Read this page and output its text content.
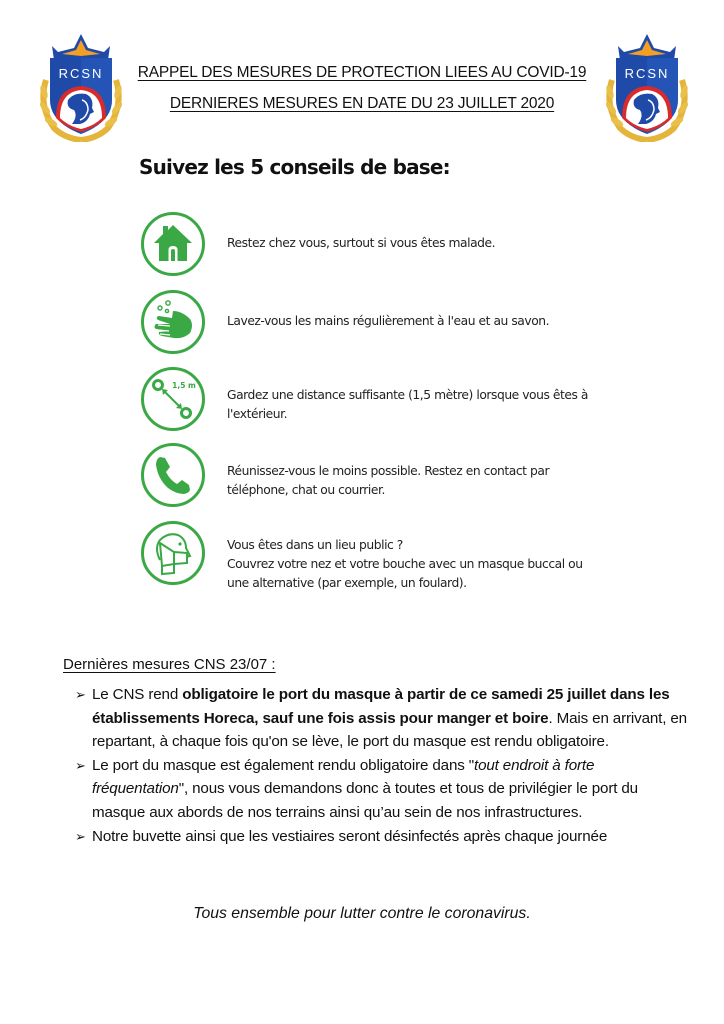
RCSN	RCSN
RAPPEL DES MESURES DE PROTECTION LIEES AU COVID-19
DERNIERES MESURES EN DATE DU 23 JUILLET 2020
Suivez les 5 conseils de base:
Restez chez vous, surtout si vous êtes malade.
Lavez-vous les mains régulièrement à l'eau et au savon.
1,5 m
Gardez une distance suffisante (1,5 mètre) lorsque vous êtes à
l'extérieur.
Réunissez-vous le moins possible. Restez en contact par
téléphone, chat ou courrier.
Vous êtes dans un lieu public ?
Couvrez votre nez et votre bouche avec un masque buccal ou
une alternative (par exemple, un foulard).
Dernières mesures CNS 23/07 :
➢ Le CNS rend obligatoire le port du masque à partir de ce samedi 25 juillet dans les établissements Horeca, sauf une fois assis pour manger et boire. Mais en arrivant, en repartant, à chaque fois qu'on se lève, le port du masque est rendu obligatoire.
➢ Le port du masque est également rendu obligatoire dans "tout endroit à forte fréquentation", nous vous demandons donc à toutes et tous de privilégier le port du masque aux abords de nos terrains ainsi qu’au sein de nos infrastructures.
➢ Notre buvette ainsi que les vestiaires seront désinfectés après chaque journée
Tous ensemble pour lutter contre le coronavirus.
